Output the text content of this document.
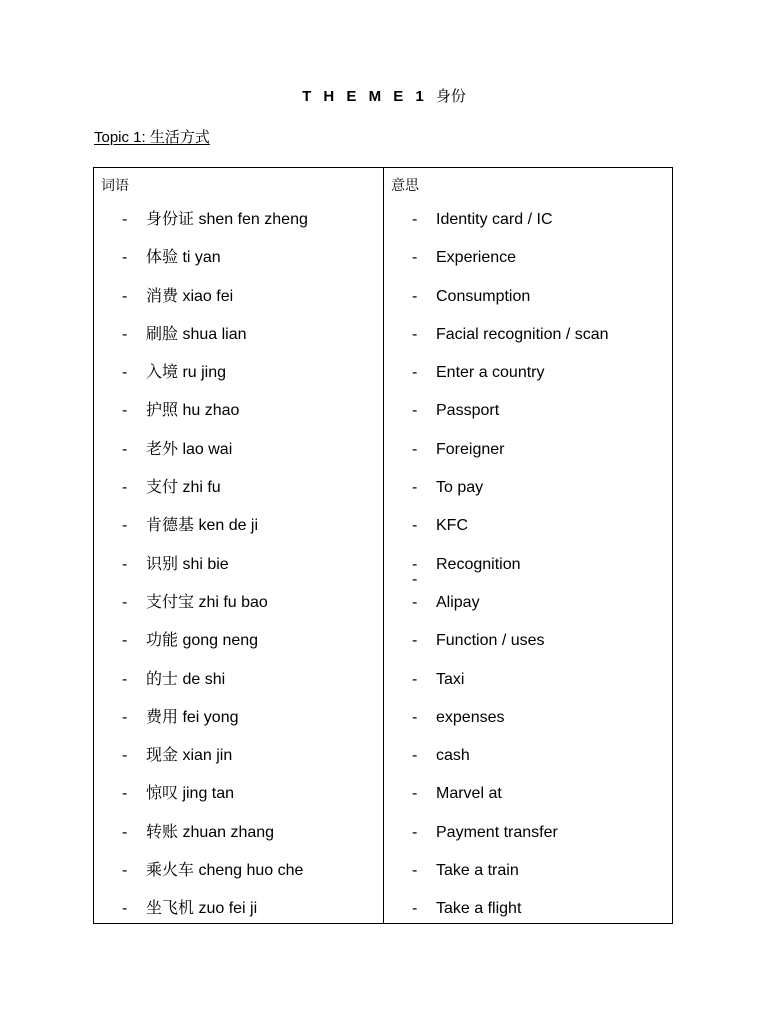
T H E M E 1 身份
Topic 1: 生活方式
词语
- 身份证 shen fen zheng
- 体验 ti yan
- 消费 xiao fei
- 刷脸 shua lian
- 入境 ru jing
- 护照 hu zhao
- 老外 lao wai
- 支付 zhi fu
- 肯德基 ken de ji
- 识别 shi bie
- 支付宝 zhi fu bao
- 功能 gong neng
- 的士 de shi
- 费用 fei yong
- 现金 xian jin
- 惊叹 jing tan
- 转账 zhuan zhang
- 乘火车 cheng huo che
- 坐飞机 zuo fei ji
意思
- Identity card / IC
- Experience
- Consumption
- Facial recognition / scan
- Enter a country
- Passport
- Foreigner
- To pay
- KFC
- Recognition
- Alipay
- Function / uses
- Taxi
- expenses
- cash
- Marvel at
- Payment transfer
- Take a train
- Take a flight
-
